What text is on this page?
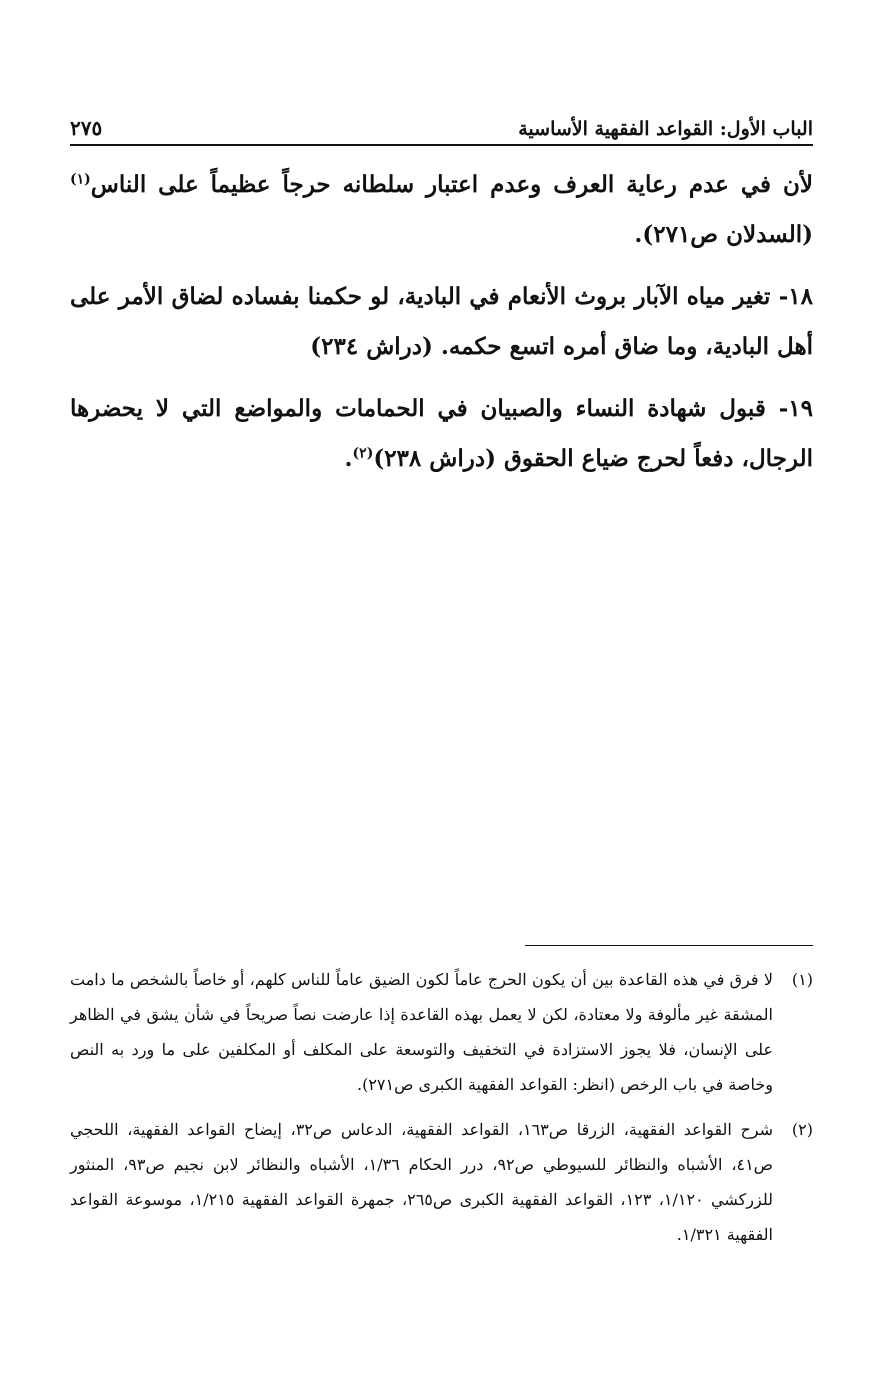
الباب الأول: القواعد الفقهية الأساسية
٢٧٥

لأن في عدم رعاية العرف وعدم اعتبار سلطانه حرجاً عظيماً على الناس$^{(١)}$ (السدلان ص٢٧١).

١٨- تغير مياه الآبار بروث الأنعام في البادية، لو حكمنا بفساده لضاق الأمر على أهل البادية، وما ضاق أمره اتسع حكمه. (دراش ٢٣٤)

١٩- قبول شهادة النساء والصبيان في الحمامات والمواضع التي لا يحضرها الرجال، دفعاً لحرج ضياع الحقوق (دراش ٢٣٨)$^{(٢)}$.

(١)
لا فرق في هذه القاعدة بين أن يكون الحرج عاماً لكون الضيق عاماً للناس كلهم، أو خاصاً بالشخص ما دامت المشقة غير مألوفة ولا معتادة، لكن لا يعمل بهذه القاعدة إذا عارضت نصاً صريحاً في شأن يشق في الظاهر على الإنسان، فلا يجوز الاستزادة في التخفيف والتوسعة على المكلف أو المكلفين على ما ورد به النص وخاصة في باب الرخص (انظر: القواعد الفقهية الكبرى ص٢٧١).
(٢)
شرح القواعد الفقهية، الزرقا ص١٦٣، القواعد الفقهية، الدعاس ص٣٢، إيضاح القواعد الفقهية، اللحجي ص٤١، الأشباه والنظائر للسيوطي ص٩٢، درر الحكام ١/٣٦، الأشباه والنظائر لابن نجيم ص٩٣، المنثور للزركشي ١/١٢٠، ١٢٣، القواعد الفقهية الكبرى ص٢٦٥، جمهرة القواعد الفقهية ١/٢١٥، موسوعة القواعد الفقهية ١/٣٢١.
